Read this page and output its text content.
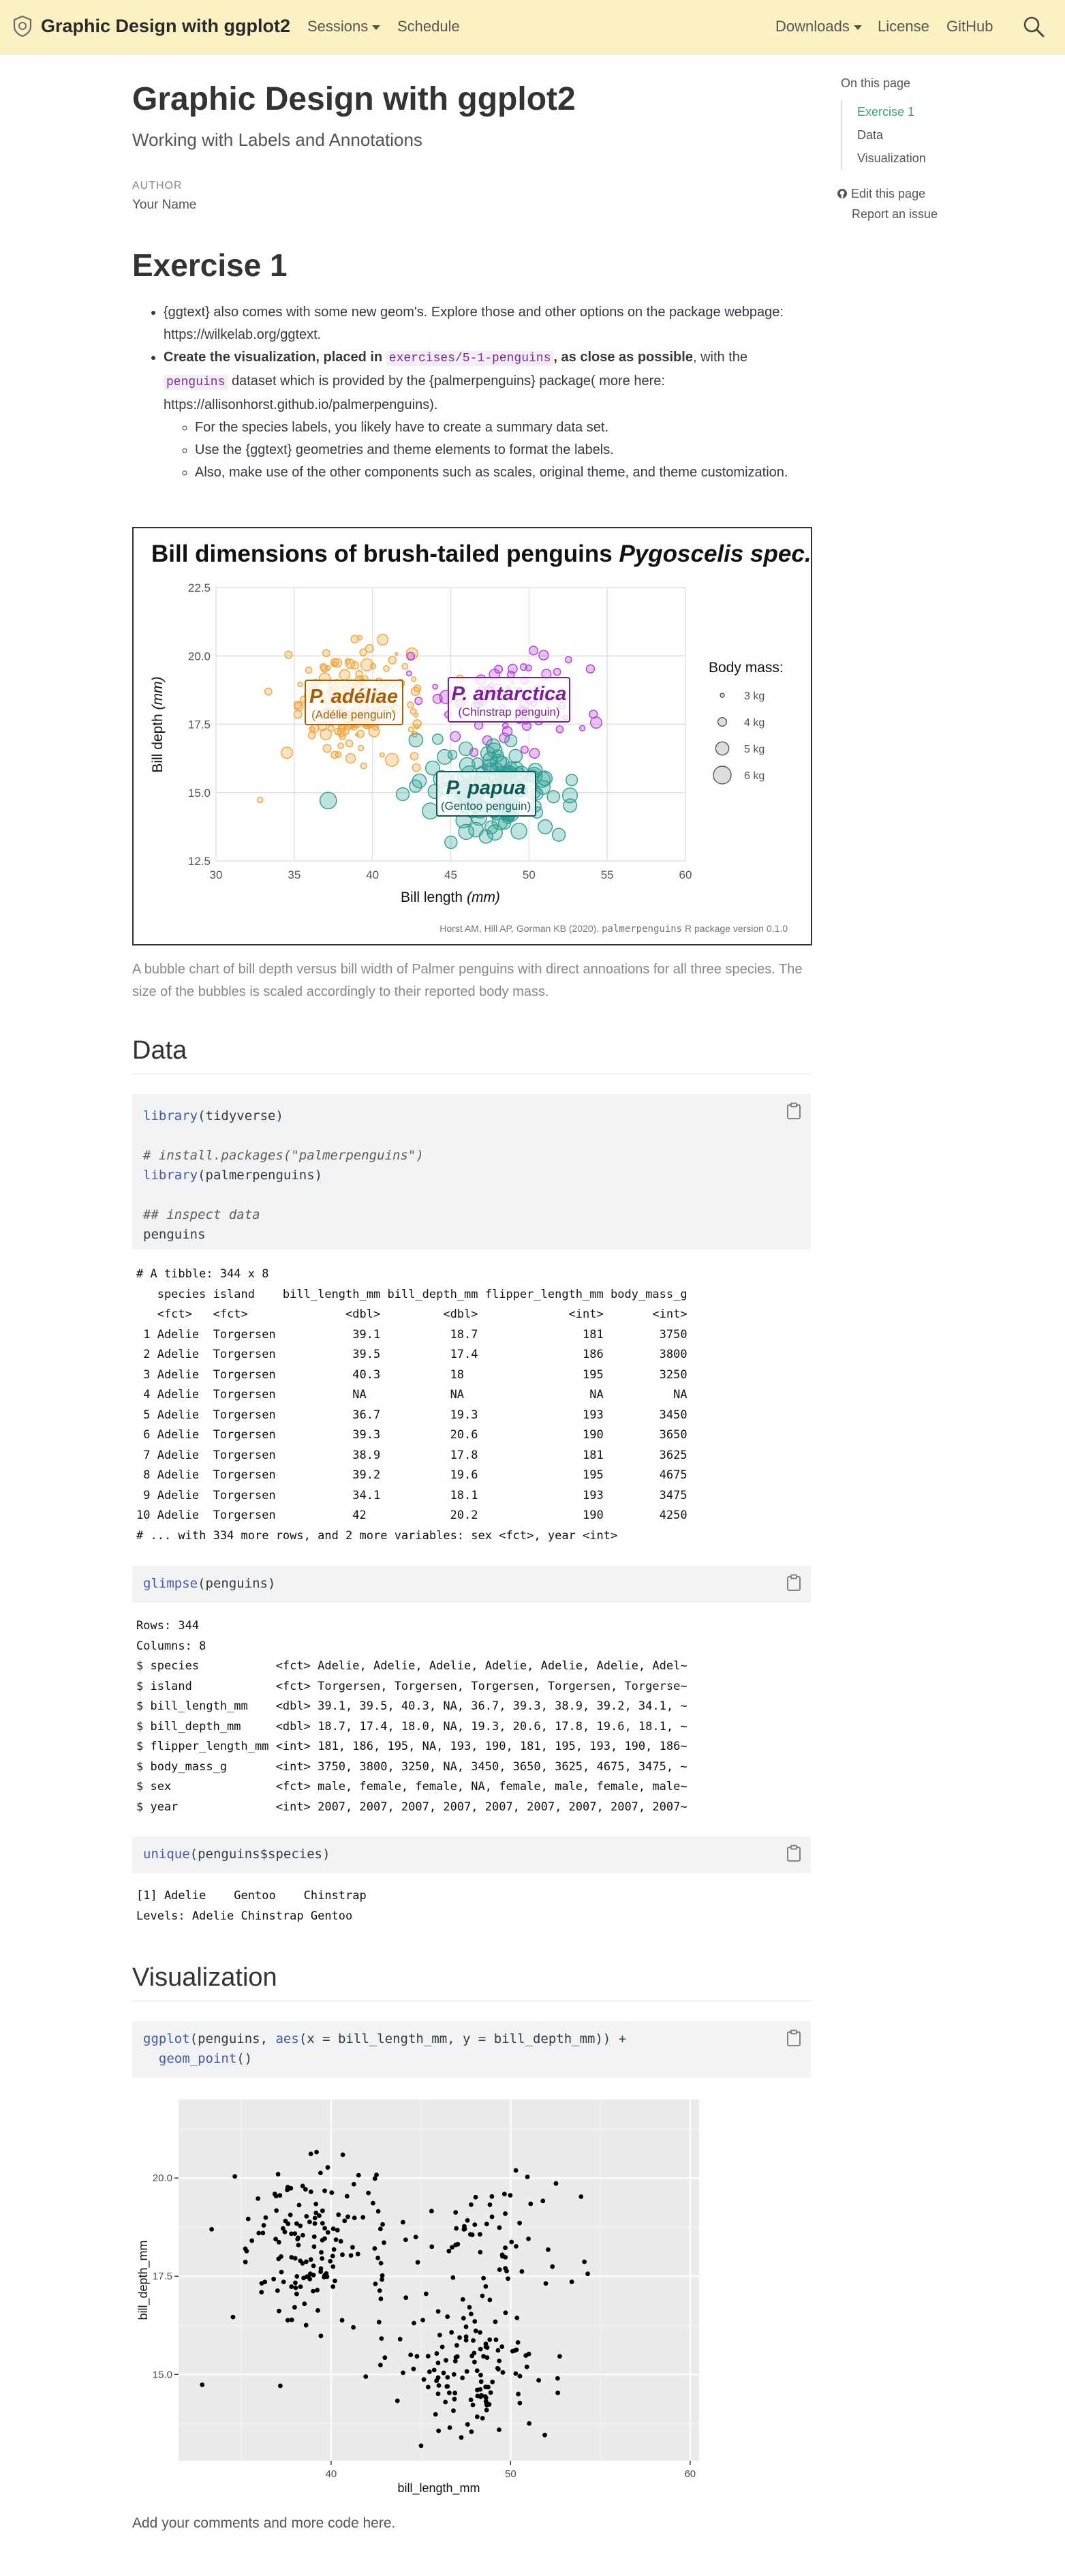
Graphic Design with ggplot2 Sessions	Schedule	Downloads	License GitHub
Graphic Design with ggplot2
Working with Labels and Annotations
AUTHOR
Your Name
On this page
Exercise 1
Data
Visualization
Edit this page
Report an issue
Exercise 1
• {ggtext} also comes with some new geom's. Explore those and other options on the package webpage: https://wilkelab.org/ggtext.
• Create the visualization, placed in exercises/5-1-penguins , as close as possible, with the penguins dataset which is provided by the {palmerpenguins} package( more here: https://allisonhorst.github.io/palmerpenguins).
◦ For the species labels, you likely have to create a summary data set.
◦ Use the {ggtext} geometries and theme elements to format the labels.
◦ Also, make use of the other components such as scales, original theme, and theme customization.
Bill dimensions of brush-tailed penguins Pygoscelis spec.
30	35	40	45	50	55	60
12.5
15.0
17.5
20.0
22.5
P. adéliae
(Adélie penguin)
P. antarctica
(Chinstrap penguin)
P. papua
(Gentoo penguin)
Bill length (mm)
Bill depth (mm)
Body mass:
3 kg
4 kg
5 kg
6 kg
Horst AM, Hill AP, Gorman KB (2020). palmerpenguins R package version 0.1.0
A bubble chart of bill depth versus bill width of Palmer penguins with direct annoations for all three species. The size of the bubbles is scaled accordingly to their reported body mass.
Data
library(tidyverse)

# install.packages("palmerpenguins")
library(palmerpenguins)

## inspect data
penguins
# A tibble: 344 x 8
species island    bill_length_mm bill_depth_mm flipper_length_mm body_mass_g
<fct>   <fct>              <dbl>         <dbl>             <int>       <int>
1 Adelie  Torgersen           39.1          18.7               181        3750
2 Adelie  Torgersen           39.5          17.4               186        3800
3 Adelie  Torgersen           40.3          18                 195        3250
4 Adelie  Torgersen           NA            NA                  NA          NA
5 Adelie  Torgersen           36.7          19.3               193        3450
6 Adelie  Torgersen           39.3          20.6               190        3650
7 Adelie  Torgersen           38.9          17.8               181        3625
8 Adelie  Torgersen           39.2          19.6               195        4675
9 Adelie  Torgersen           34.1          18.1               193        3475
10 Adelie  Torgersen           42            20.2               190        4250
# ... with 334 more rows, and 2 more variables: sex <fct>, year <int>
glimpse(penguins)
Rows: 344
Columns: 8
$ species           <fct> Adelie, Adelie, Adelie, Adelie, Adelie, Adelie, Adel~
$ island            <fct> Torgersen, Torgersen, Torgersen, Torgersen, Torgerse~
$ bill_length_mm    <dbl> 39.1, 39.5, 40.3, NA, 36.7, 39.3, 38.9, 39.2, 34.1, ~
$ bill_depth_mm     <dbl> 18.7, 17.4, 18.0, NA, 19.3, 20.6, 17.8, 19.6, 18.1, ~
$ flipper_length_mm <int> 181, 186, 195, NA, 193, 190, 181, 195, 193, 190, 186~
$ body_mass_g       <int> 3750, 3800, 3250, NA, 3450, 3650, 3625, 4675, 3475, ~
$ sex               <fct> male, female, female, NA, female, male, female, male~
$ year              <int> 2007, 2007, 2007, 2007, 2007, 2007, 2007, 2007, 2007~
unique(penguins$species)
[1] Adelie    Gentoo    Chinstrap
Levels: Adelie Chinstrap Gentoo
Visualization
ggplot(penguins, aes(x = bill_length_mm, y = bill_depth_mm)) +
geom_point()
40	50	60
15.0
17.5
20.0
bill_length_mm
bill_depth_mm
Add your comments and more code here.
